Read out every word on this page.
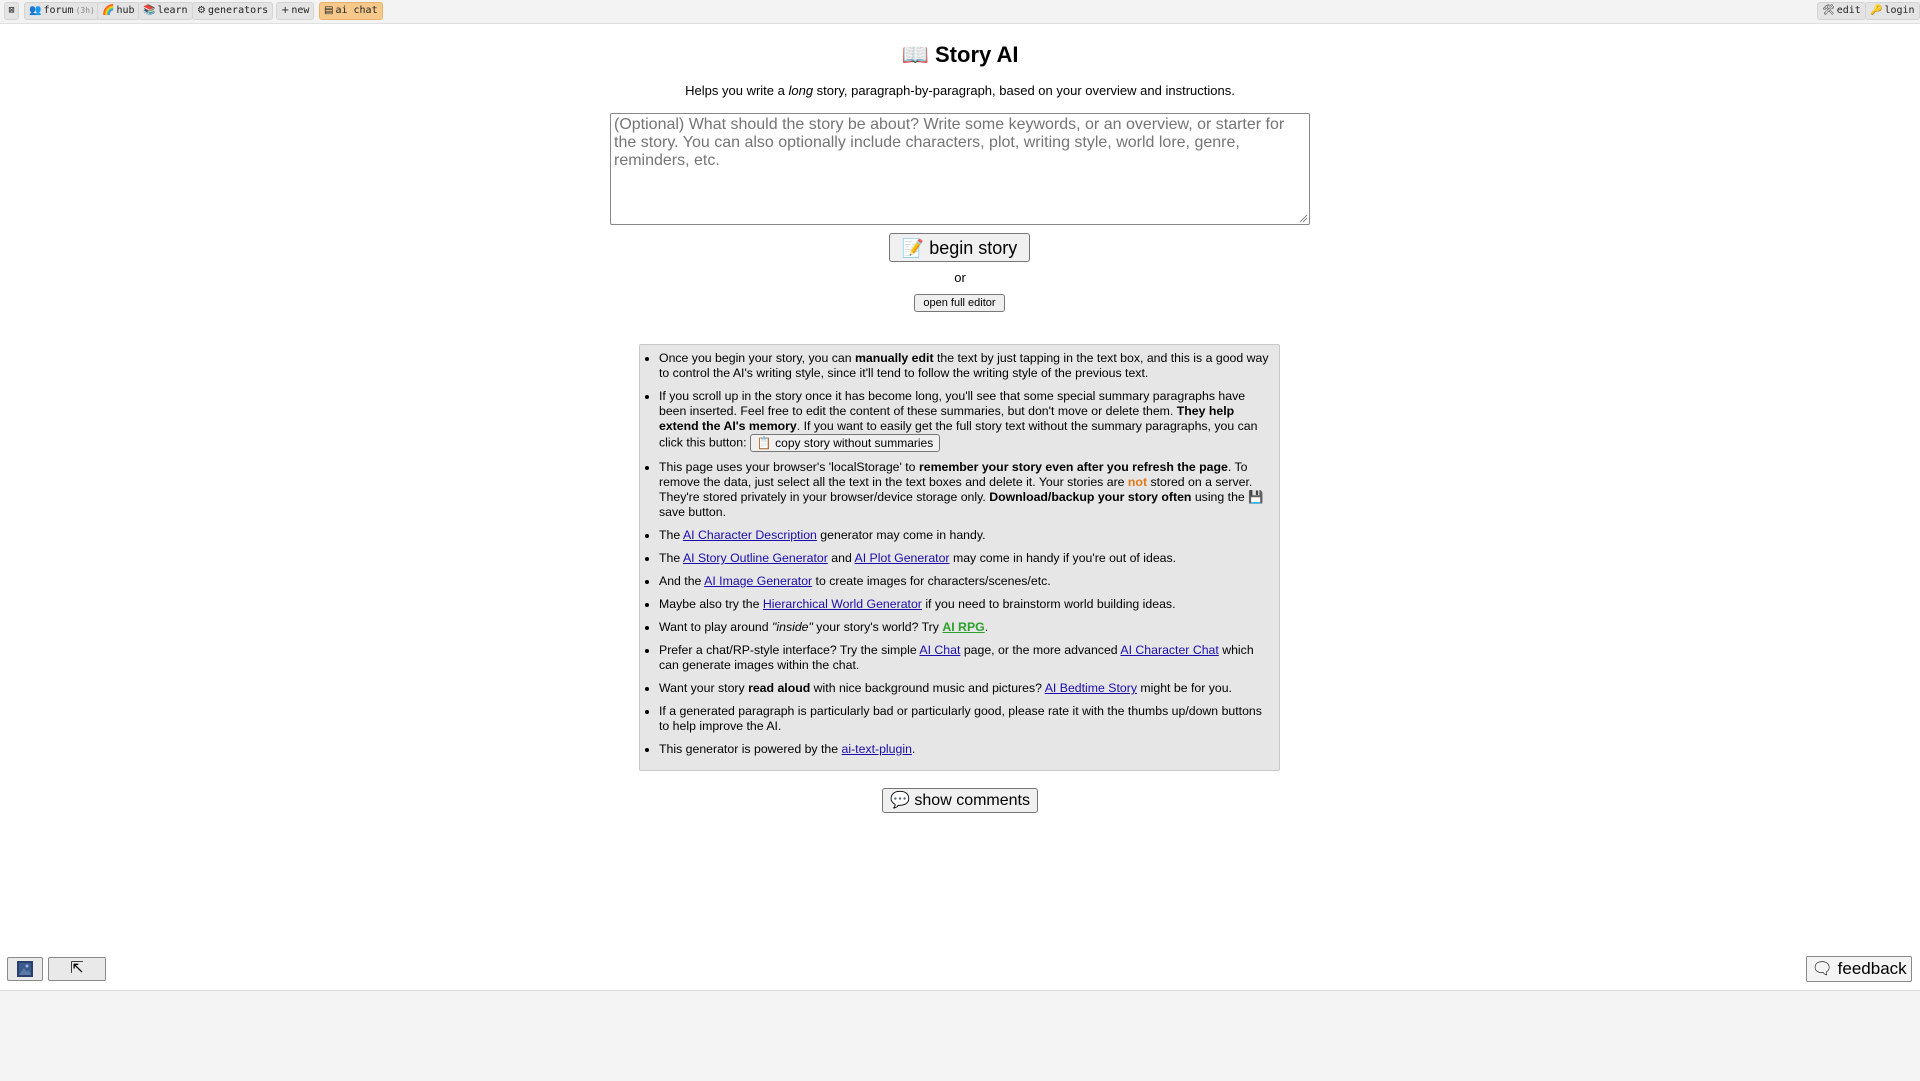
⊠	👥 forum (3h) 🌈 hub 📚 learn ⚙ generators	+ new	▤ ai chat	🛠 edit 🔑 login
📖 Story AI
Helps you write a long story, paragraph-by-paragraph, based on your overview and instructions.
(Optional) What should the story be about? Write some keywords, or an overview, or starter for the story. You can also optionally include characters, plot, writing style, world lore, genre, reminders, etc.
📝 begin story
or
open full editor
• Once you begin your story, you can manually edit the text by just tapping in the text box, and this is a good way to control the AI's writing style, since it'll tend to follow the writing style of the previous text.
• If you scroll up in the story once it has become long, you'll see that some special summary paragraphs have been inserted. Feel free to edit the content of these summaries, but don't move or delete them. They help extend the AI's memory. If you want to easily get the full story text without the summary paragraphs, you can click this button: 📋 copy story without summaries
• This page uses your browser's 'localStorage' to remember your story even after you refresh the page. To remove the data, just select all the text in the text boxes and delete it. Your stories are not stored on a server. They're stored privately in your browser/device storage only. Download/backup your story often using the 💾 save button.
• The AI Character Description generator may come in handy.
• The AI Story Outline Generator and AI Plot Generator may come in handy if you're out of ideas.
• And the AI Image Generator to create images for characters/scenes/etc.
• Maybe also try the Hierarchical World Generator if you need to brainstorm world building ideas.
• Want to play around "inside" your story's world? Try AI RPG.
• Prefer a chat/RP-style interface? Try the simple AI Chat page, or the more advanced AI Character Chat which can generate images within the chat.
• Want your story read aloud with nice background music and pictures? AI Bedtime Story might be for you.
• If a generated paragraph is particularly bad or particularly good, please rate it with the thumbs up/down buttons to help improve the AI.
• This generator is powered by the ai-text-plugin.
💬 show comments
⇱	🗨 feedback
